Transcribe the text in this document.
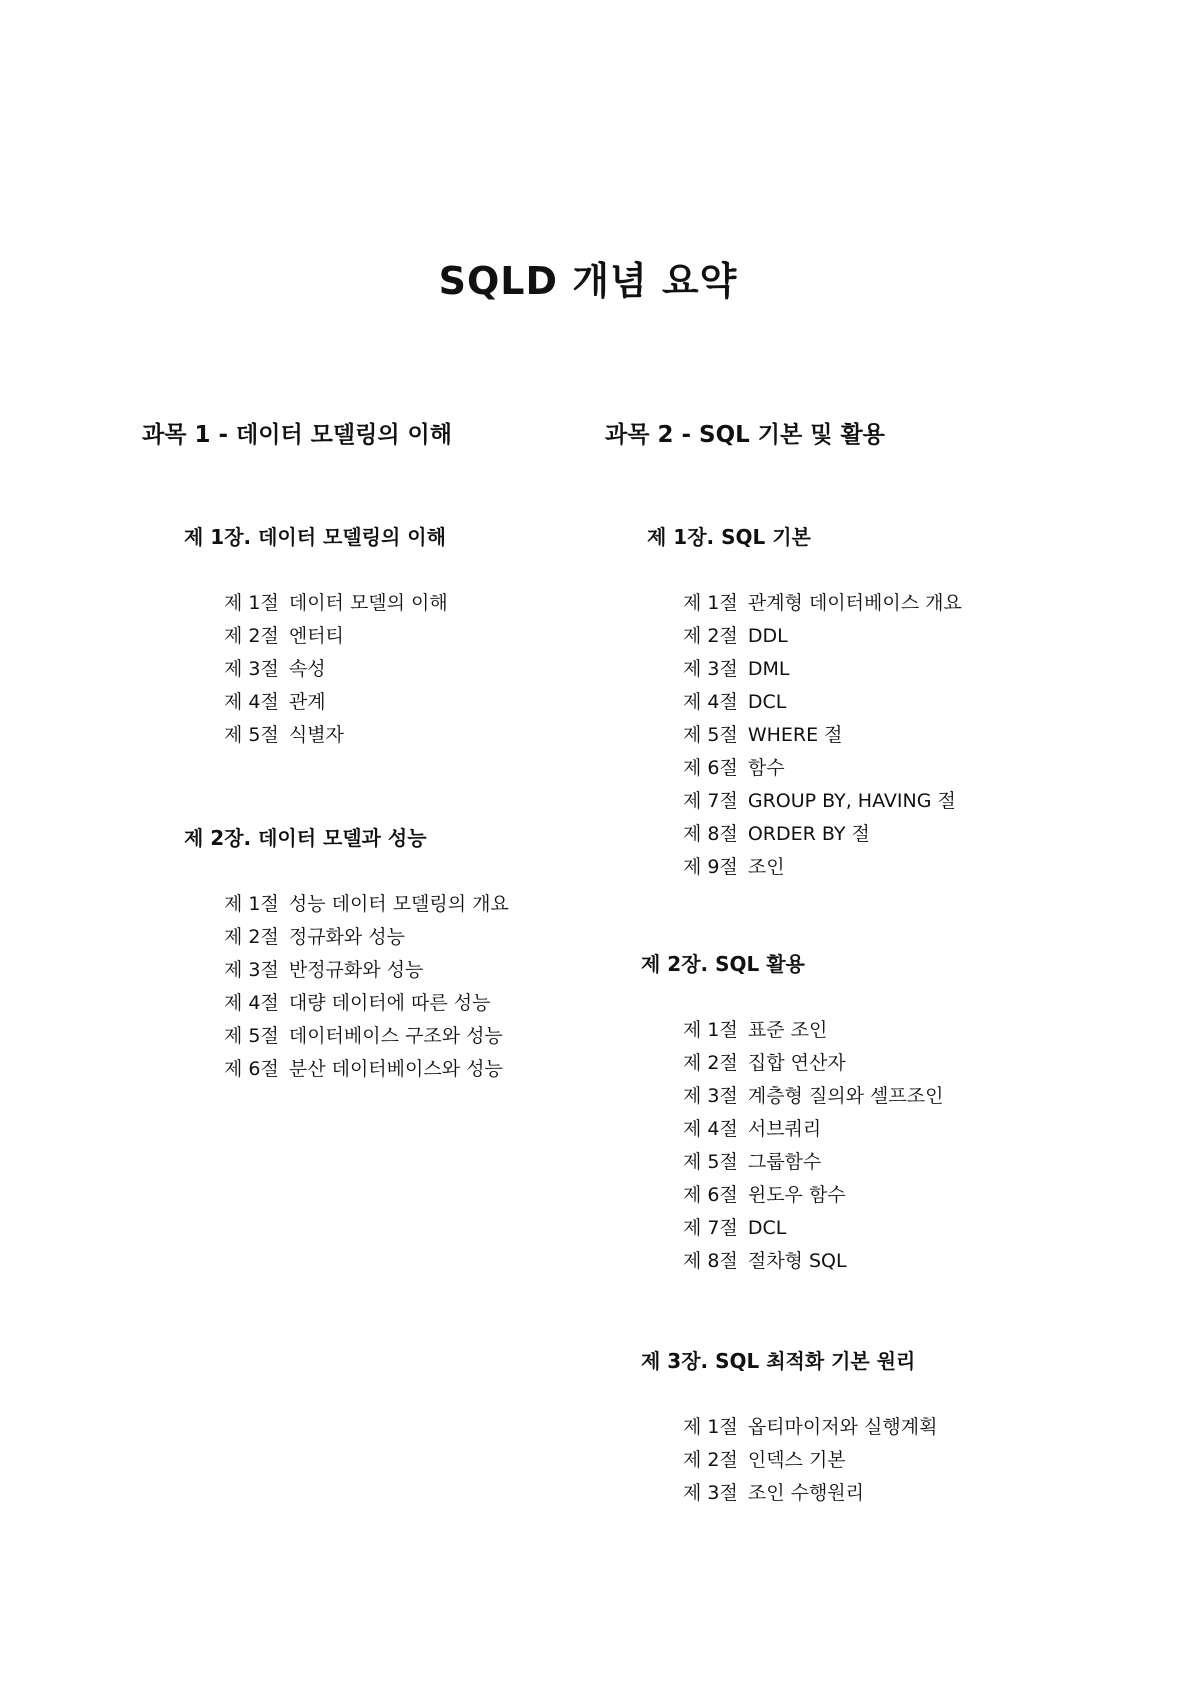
SQLD 개념 요약
과목 1 - 데이터 모델링의 이해
제 1장. 데이터 모델링의 이해
제 1절 데이터 모델의 이해
제 2절 엔터티
제 3절 속성
제 4절 관계
제 5절 식별자
제 2장. 데이터 모델과 성능
제 1절 성능 데이터 모델링의 개요
제 2절 정규화와 성능
제 3절 반정규화와 성능
제 4절 대량 데이터에 따른 성능
제 5절 데이터베이스 구조와 성능
제 6절 분산 데이터베이스와 성능
과목 2 - SQL 기본 및 활용
제 1장. SQL 기본
제 1절 관계형 데이터베이스 개요
제 2절 DDL
제 3절 DML
제 4절 DCL
제 5절 WHERE 절
제 6절 함수
제 7절 GROUP BY, HAVING 절
제 8절 ORDER BY 절
제 9절 조인
제 2장. SQL 활용
제 1절 표준 조인
제 2절 집합 연산자
제 3절 계층형 질의와 셀프조인
제 4절 서브쿼리
제 5절 그룹함수
제 6절 윈도우 함수
제 7절 DCL
제 8절 절차형 SQL
제 3장. SQL 최적화 기본 원리
제 1절 옵티마이저와 실행계획
제 2절 인덱스 기본
제 3절 조인 수행원리
